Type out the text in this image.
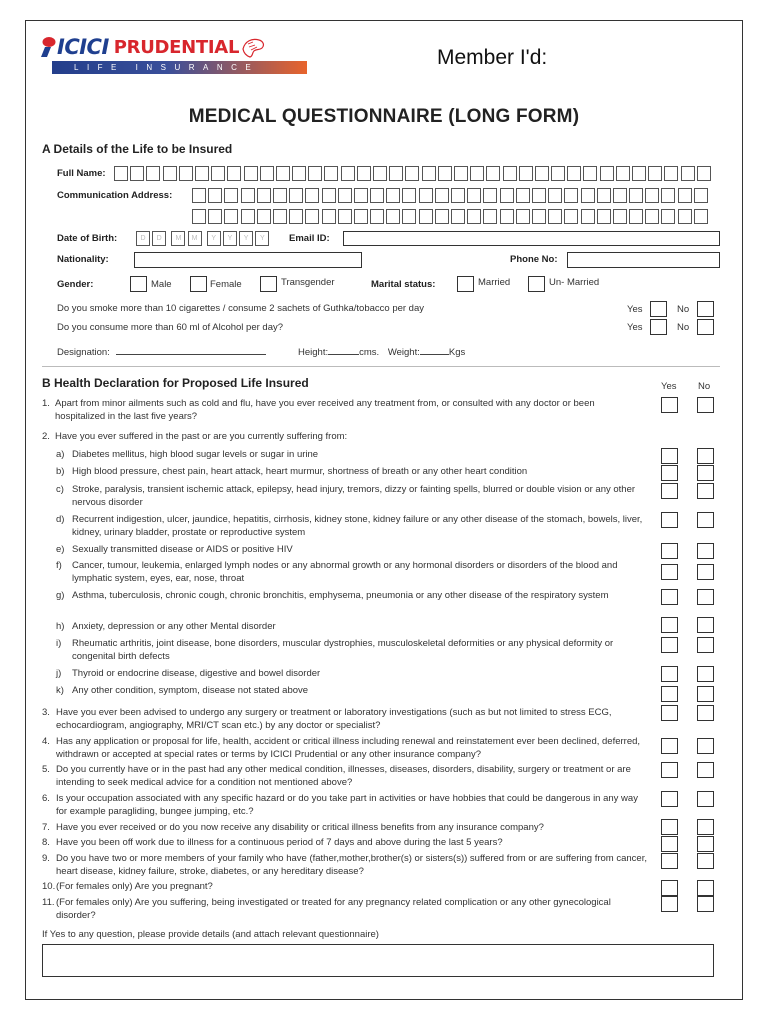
ICICI PRUDENTIAL
LIFE INSURANCE	Member I'd:
MEDICAL QUESTIONNAIRE (LONG FORM)
A Details of the Life to be Insured
Full Name:
Communication Address:
Date of Birth:	D	D	M	M	Y	Y	Y	Y	Email ID:
Nationality:	Phone No:
Gender:	Male	Female	Transgender	Marital status:	Married	Un- Married
Do you smoke more than 10 cigarettes / consume 2 sachets of Guthka/tobacco per day	Yes	No
Do you consume more than 60 ml of Alcohol per day?	Yes	No
Designation:	Height:	cms. Weight:	Kgs
B Health Declaration for Proposed Life Insured	Yes No
1. Apart from minor ailments such as cold and flu, have you ever received any treatment from, or consulted with any doctor or been hospitalized in the last five years?
2. Have you ever suffered in the past or are you currently suffering from:
a) Diabetes mellitus, high blood sugar levels or sugar in urine
b) High blood pressure, chest pain, heart attack, heart murmur, shortness of breath or any other heart condition
c) Stroke, paralysis, transient ischemic attack, epilepsy, head injury, tremors, dizzy or fainting spells, blurred or double vision or any other nervous disorder
d) Recurrent indigestion, ulcer, jaundice, hepatitis, cirrhosis, kidney stone, kidney failure or any other disease of the stomach, bowels, liver, kidney, urinary bladder, prostate or reproductive system
e) Sexually transmitted disease or AIDS or positive HIV
f) Cancer, tumour, leukemia, enlarged lymph nodes or any abnormal growth or any hormonal disorders or disorders of the blood and lymphatic system, eyes, ear, nose, throat
g) Asthma, tuberculosis, chronic cough, chronic bronchitis, emphysema, pneumonia or any other disease of the respiratory system
h) Anxiety, depression or any other Mental disorder
i) Rheumatic arthritis, joint disease, bone disorders, muscular dystrophies, musculoskeletal deformities or any physical deformity or congenital birth defects
j) Thyroid or endocrine disease, digestive and bowel disorder
k) Any other condition, symptom, disease not stated above
3. Have you ever been advised to undergo any surgery or treatment or laboratory investigations (such as but not limited to stress ECG, echocardiogram, angiography, MRI/CT scan etc.) by any doctor or specialist?
4. Has any application or proposal for life, health, accident or critical illness including renewal and reinstatement ever been declined, deferred, withdrawn or accepted at special rates or terms by ICICI Prudential or any other insurance company?
5. Do you currently have or in the past had any other medical condition, illnesses, diseases, disorders, disability, surgery or treatment or are intending to seek medical advice for a condition not mentioned above?
6. Is your occupation associated with any specific hazard or do you take part in activities or have hobbies that could be dangerous in any way for example paragliding, bungee jumping, etc.?
7. Have you ever received or do you now receive any disability or critical illness benefits from any insurance company?
8. Have you been off work due to illness for a continuous period of 7 days and above during the last 5 years?
9. Do you have two or more members of your family who have (father,mother,brother(s) or sisters(s)) suffered from or are suffering from cancer, heart disease, kidney failure, stroke, diabetes, or any hereditary disease?
10. (For females only) Are you pregnant?
11. (For females only) Are you suffering, being investigated or treated for any pregnancy related complication or any other gynecological disorder?
If Yes to any question, please provide details (and attach relevant questionnaire)
